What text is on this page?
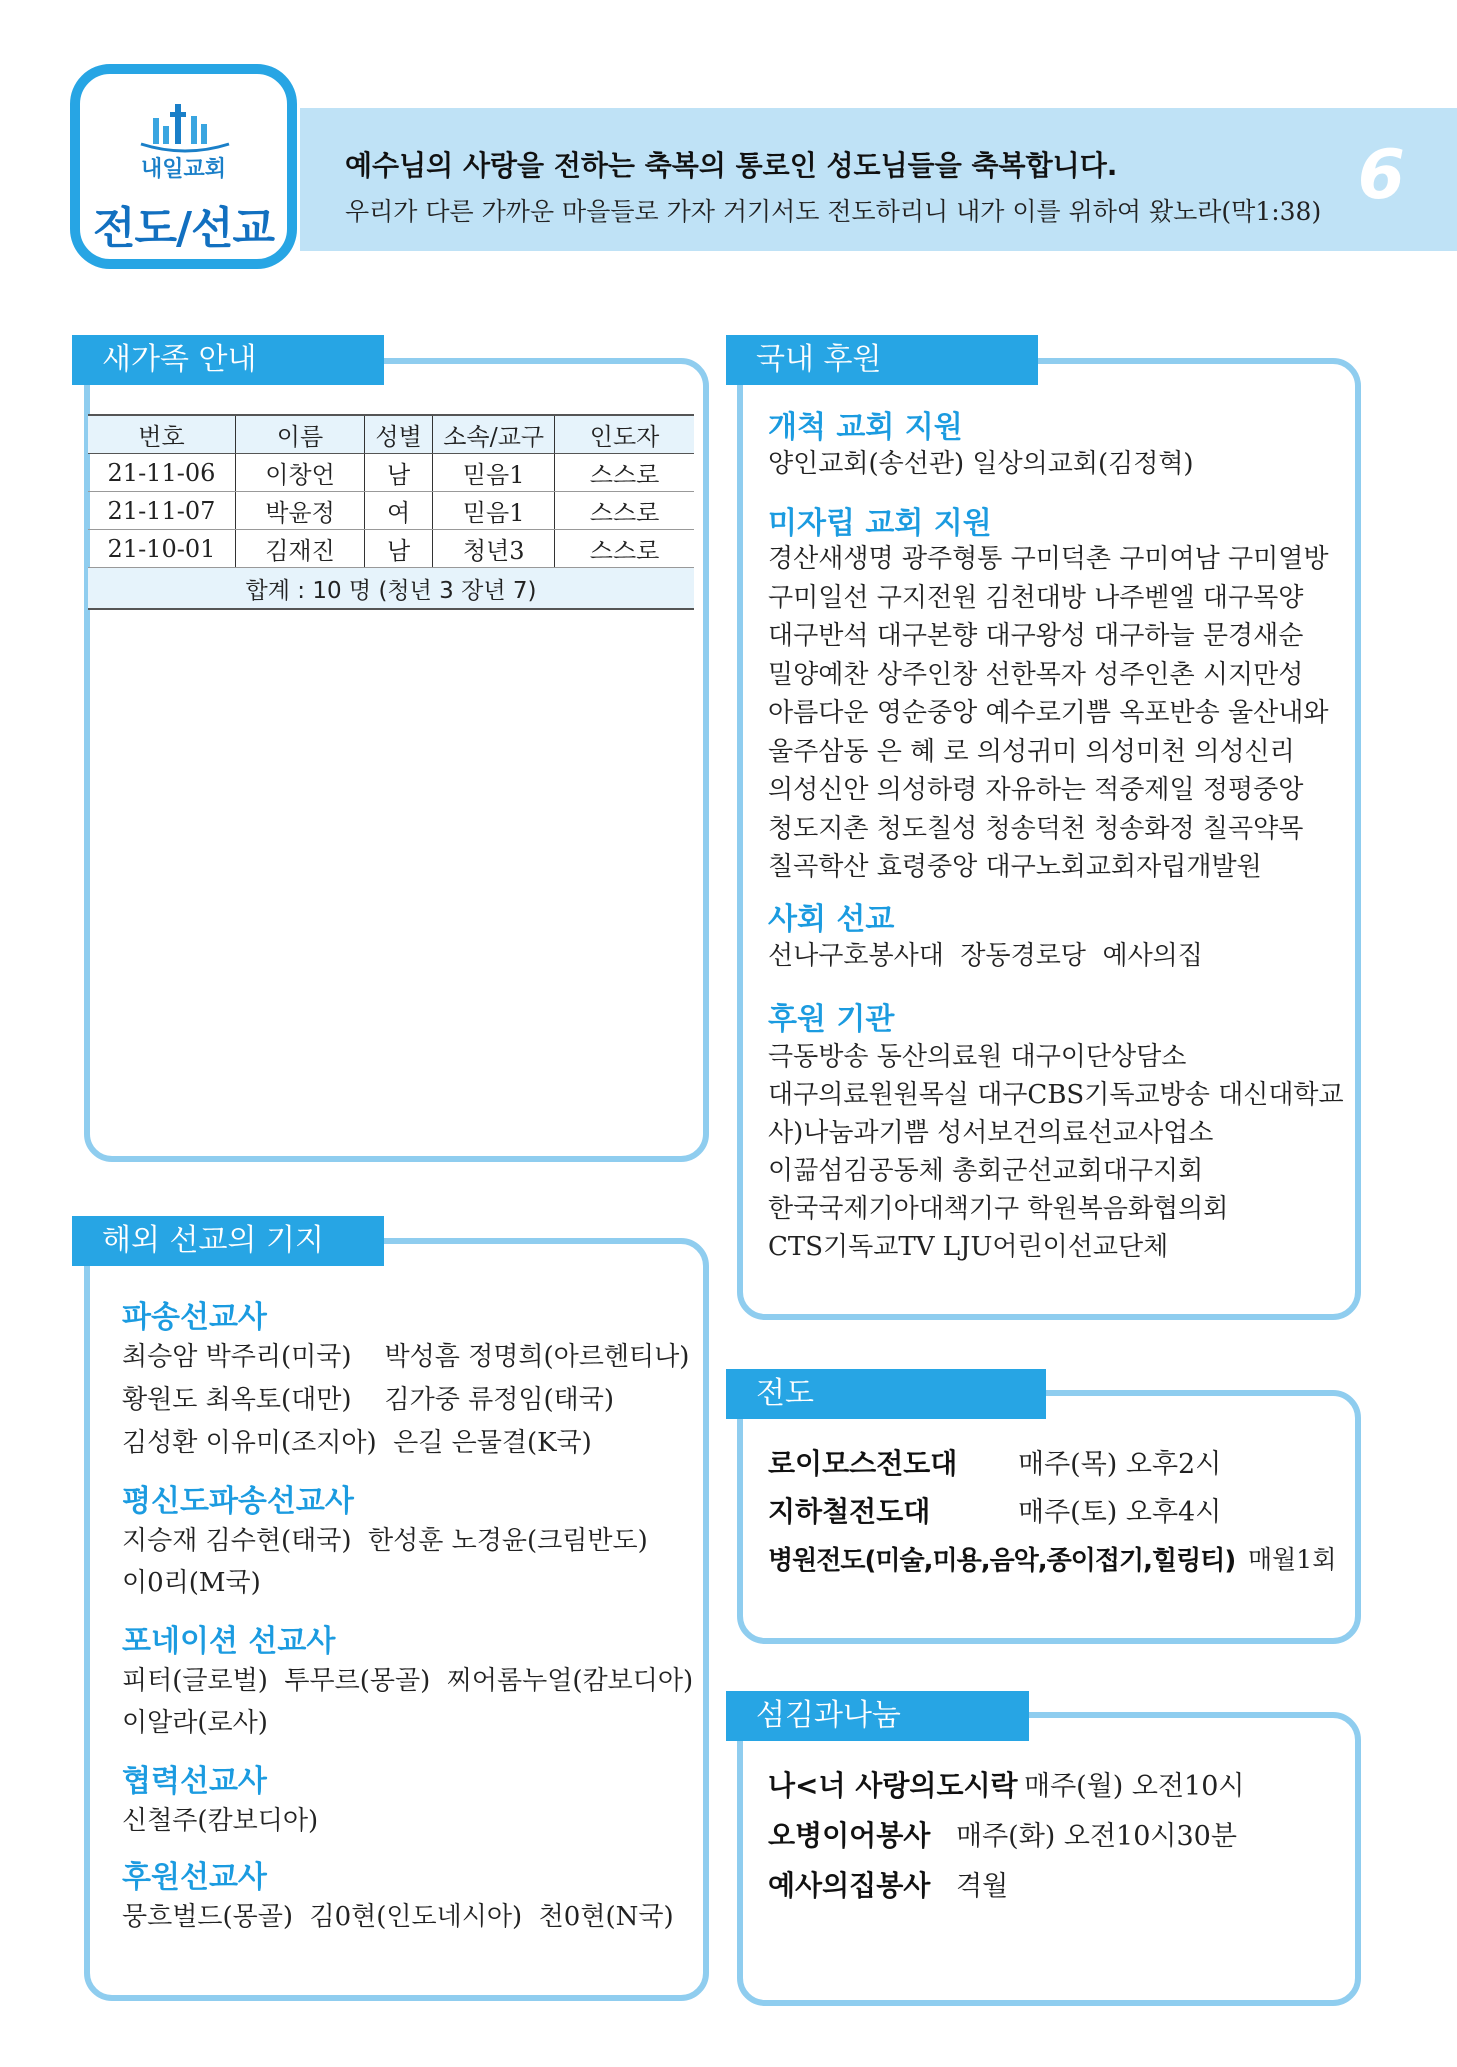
내일교회
전도/선교
예수님의 사랑을 전하는 축복의 통로인 성도님들을 축복합니다.
우리가 다른 가까운 마을들로 가자 거기서도 전도하리니 내가 이를 위하여 왔노라(막1:38) 6
새가족 안내
번호	이름	성별	소속/교구	인도자
21-11-06	이창언	남	믿음1	스스로
21-11-07	박윤정	여	믿음1	스스로
21-10-01	김재진	남	청년3	스스로
합계 : 10 명 (청년 3 장년 7)				
해외 선교의 기지
파송선교사
최승암 박주리(미국)    박성흠 정명희(아르헨티나)
황원도 최옥토(대만)    김가중 류정임(태국)
김성환 이유미(조지아)  은길 은물결(K국)
평신도파송선교사
지승재 김수현(태국)  한성훈 노경윤(크림반도)
이0리(M국)
포네이션 선교사
피터(글로벌)  투무르(몽골)  찌어롬누얼(캄보디아)
이알라(로사)
협력선교사
신철주(캄보디아)
후원선교사
뭉흐벌드(몽골)  김0현(인도네시아)  천0현(N국)
국내 후원
개척 교회 지원
양인교회(송선관) 일상의교회(김정혁)
미자립 교회 지원
경산새생명 광주형통 구미덕촌 구미여남 구미열방
구미일선 구지전원 김천대방 나주벧엘 대구목양
대구반석 대구본향 대구왕성 대구하늘 문경새순
밀양예찬 상주인창 선한목자 성주인촌 시지만성
아름다운 영순중앙 예수로기쁨 옥포반송 울산내와
울주삼동 은 혜 로 의성귀미 의성미천 의성신리
의성신안 의성하령 자유하는 적중제일 정평중앙
청도지촌 청도칠성 청송덕천 청송화정 칠곡약목
칠곡학산 효령중앙 대구노회교회자립개발원
사회 선교
선나구호봉사대  장동경로당  예사의집
후원 기관
극동방송 동산의료원 대구이단상담소
대구의료원원목실 대구CBS기독교방송 대신대학교
사)나눔과기쁨 성서보건의료선교사업소
이끎섬김공동체 총회군선교회대구지회
한국국제기아대책기구 학원복음화협의회
CTS기독교TV LJU어린이선교단체
전도
로이모스전도대 매주(목) 오후2시
지하철전도대	매주(토) 오후4시
병원전도(미술,미용,음악,종이접기,힐링티) 매월1회
섬김과나눔
나<너 사랑의도시락 매주(월) 오전10시
오병이어봉사 매주(화) 오전10시30분
예사의집봉사 격월
